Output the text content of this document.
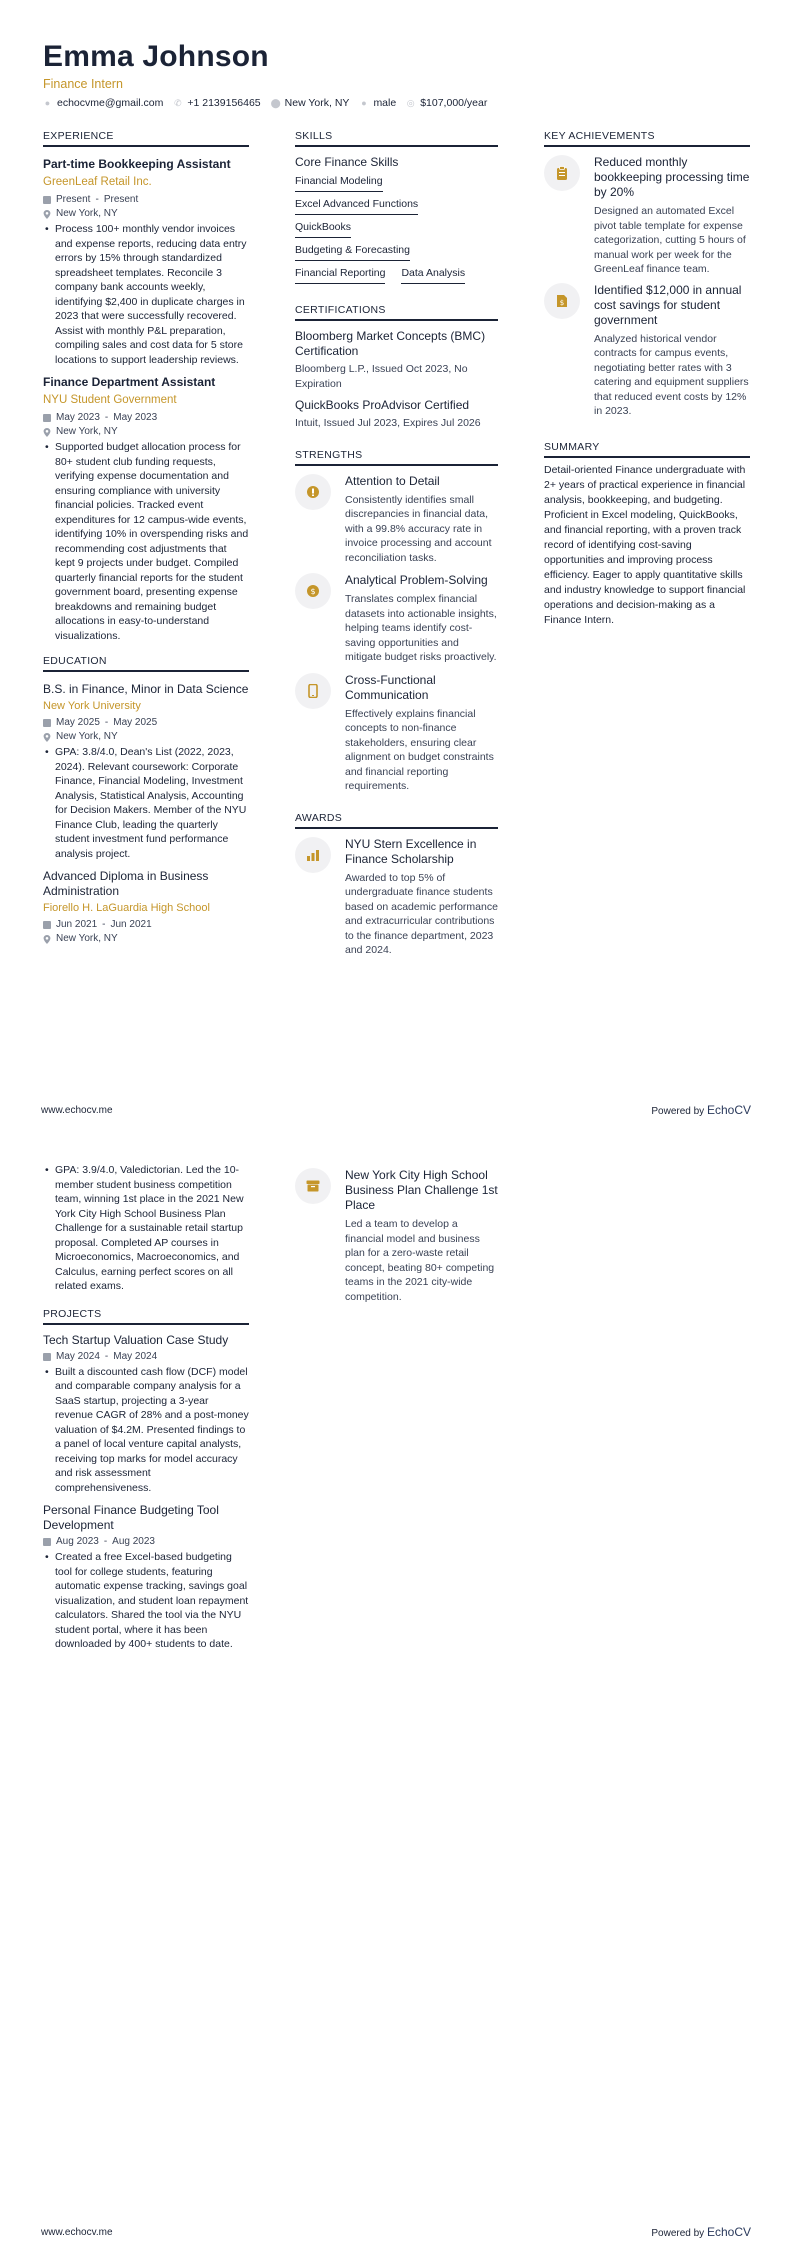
Emma Johnson
Finance Intern
● echocvme@gmail.com ✆ +1 2139156465 ⬤ New York, NY ● male ◎ $107,000/year
EXPERIENCE
Part-time Bookkeeping Assistant
GreenLeaf Retail Inc.
Present - Present
New York, NY
• Process 100+ monthly vendor invoices and expense reports, reducing data entry errors by 15% through standardized spreadsheet templates. Reconcile 3 company bank accounts weekly, identifying $2,400 in duplicate charges in 2023 that were successfully recovered. Assist with monthly P&L preparation, compiling sales and cost data for 5 store locations to support leadership reviews.
Finance Department Assistant
NYU Student Government
May 2023 - May 2023
New York, NY
• Supported budget allocation process for 80+ student club funding requests, verifying expense documentation and ensuring compliance with university financial policies. Tracked event expenditures for 12 campus-wide events, identifying 10% in overspending risks and recommending cost adjustments that kept 9 projects under budget. Compiled quarterly financial reports for the student government board, presenting expense breakdowns and remaining budget allocations in easy-to-understand visualizations.
EDUCATION
B.S. in Finance, Minor in Data Science
New York University
May 2025 - May 2025
New York, NY
• GPA: 3.8/4.0, Dean's List (2022, 2023, 2024). Relevant coursework: Corporate Finance, Financial Modeling, Investment Analysis, Statistical Analysis, Accounting for Decision Makers. Member of the NYU Finance Club, leading the quarterly student investment fund performance analysis project.
Advanced Diploma in Business Administration
Fiorello H. LaGuardia High School
Jun 2021 - Jun 2021
New York, NY
SKILLS
Core Finance Skills
Financial Modeling
Excel Advanced Functions
QuickBooks
Budgeting & Forecasting
Financial Reporting Data Analysis
CERTIFICATIONS
Bloomberg Market Concepts (BMC) Certification
Bloomberg L.P., Issued Oct 2023, No Expiration
QuickBooks ProAdvisor Certified
Intuit, Issued Jul 2023, Expires Jul 2026
STRENGTHS
Attention to Detail
Consistently identifies small discrepancies in financial data, with a 99.8% accuracy rate in invoice processing and account reconciliation tasks.
$
Analytical Problem-Solving
Translates complex financial datasets into actionable insights, helping teams identify cost-saving opportunities and mitigate budget risks proactively.
Cross-Functional Communication
Effectively explains financial concepts to non-finance stakeholders, ensuring clear alignment on budget constraints and financial reporting requirements.
AWARDS
NYU Stern Excellence in Finance Scholarship
Awarded to top 5% of undergraduate finance students based on academic performance and extracurricular contributions to the finance department, 2023 and 2024.
KEY ACHIEVEMENTS
Reduced monthly bookkeeping processing time by 20%
Designed an automated Excel pivot table template for expense categorization, cutting 5 hours of manual work per week for the GreenLeaf finance team.
$
Identified $12,000 in annual cost savings for student government
Analyzed historical vendor contracts for campus events, negotiating better rates with 3 catering and equipment suppliers that reduced event costs by 12% in 2023.
SUMMARY
Detail-oriented Finance undergraduate with 2+ years of practical experience in financial analysis, bookkeeping, and budgeting. Proficient in Excel modeling, QuickBooks, and financial reporting, with a proven track record of identifying cost-saving opportunities and improving process efficiency. Eager to apply quantitative skills and industry knowledge to support financial operations and decision-making as a Finance Intern.
www.echocv.me	Powered by EchoCV
• GPA: 3.9/4.0, Valedictorian. Led the 10-member student business competition team, winning 1st place in the 2021 New York City High School Business Plan Challenge for a sustainable retail startup proposal. Completed AP courses in Microeconomics, Macroeconomics, and Calculus, earning perfect scores on all related exams.
PROJECTS
Tech Startup Valuation Case Study
May 2024 - May 2024
• Built a discounted cash flow (DCF) model and comparable company analysis for a SaaS startup, projecting a 3-year revenue CAGR of 28% and a post-money valuation of $4.2M. Presented findings to a panel of local venture capital analysts, receiving top marks for model accuracy and risk assessment comprehensiveness.
Personal Finance Budgeting Tool Development
Aug 2023 - Aug 2023
• Created a free Excel-based budgeting tool for college students, featuring automatic expense tracking, savings goal visualization, and student loan repayment calculators. Shared the tool via the NYU student portal, where it has been downloaded by 400+ students to date.
New York City High School Business Plan Challenge 1st Place
Led a team to develop a financial model and business plan for a zero-waste retail concept, beating 80+ competing teams in the 2021 city-wide competition.
www.echocv.me	Powered by EchoCV
